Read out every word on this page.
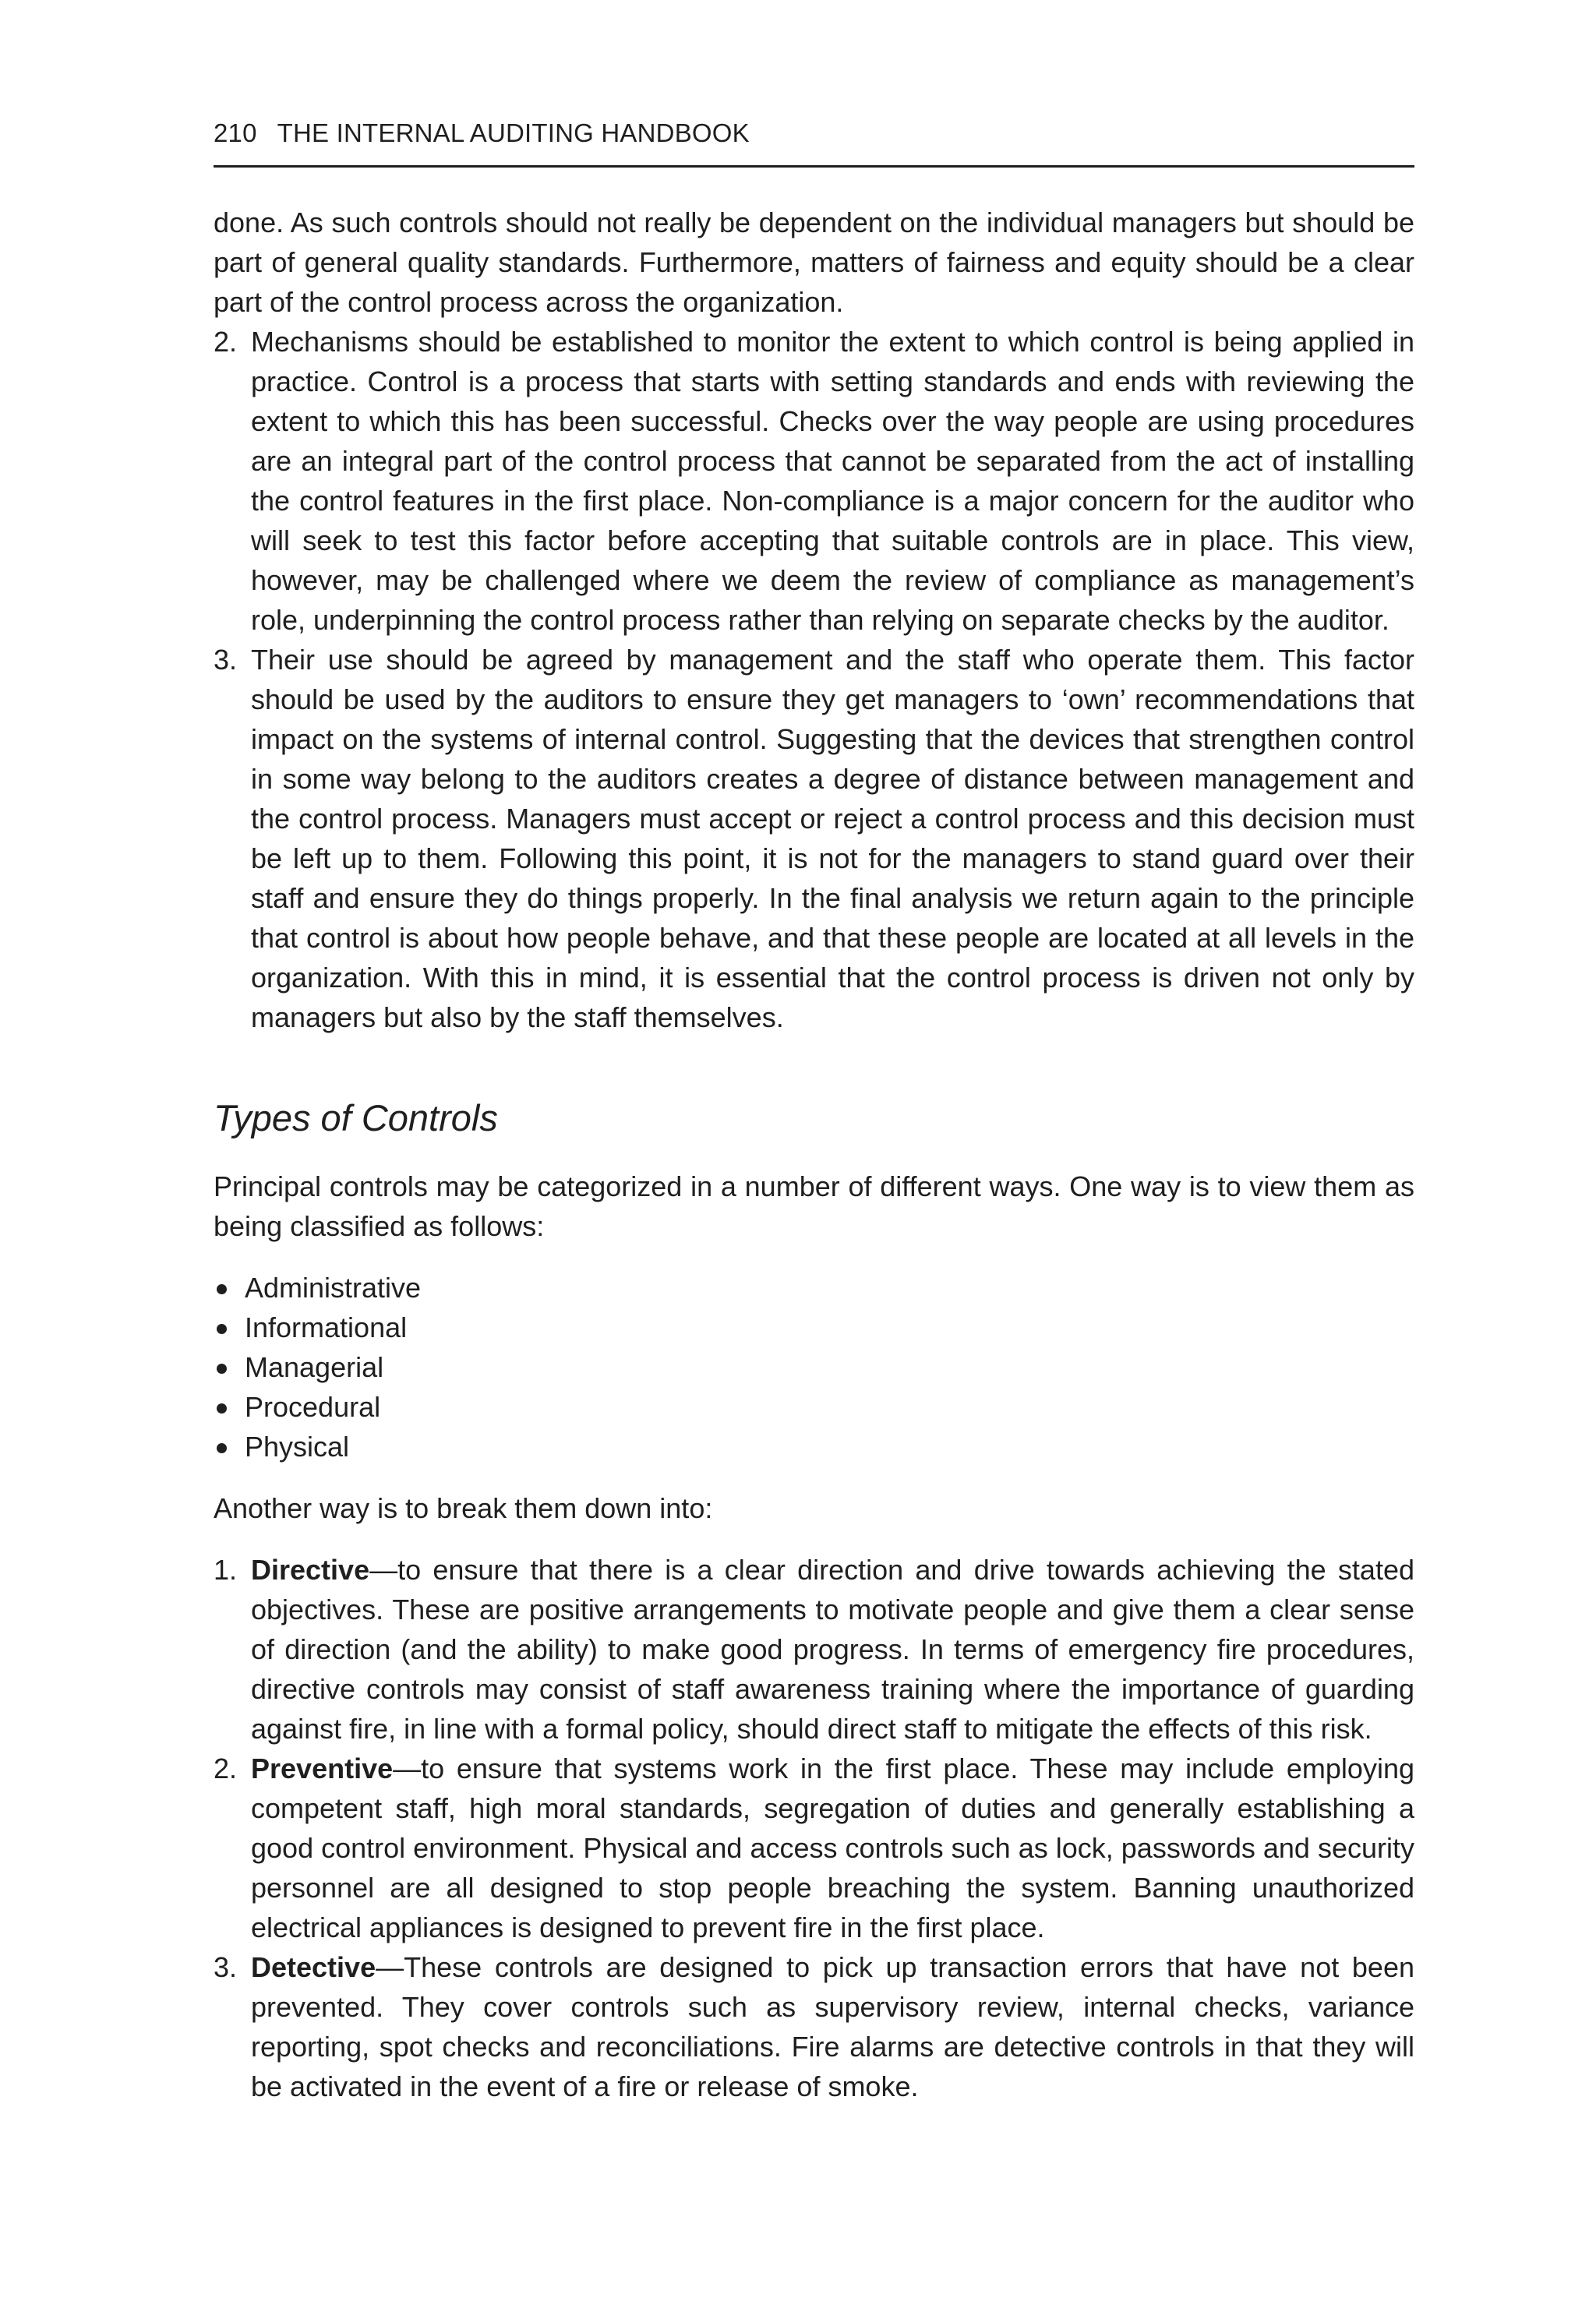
210 THE INTERNAL AUDITING HANDBOOK

done. As such controls should not really be dependent on the individual managers but should be part of general quality standards. Furthermore, matters of fairness and equity should be a clear part of the control process across the organization.

2. Mechanisms should be established to monitor the extent to which control is being applied in practice. Control is a process that starts with setting standards and ends with reviewing the extent to which this has been successful. Checks over the way people are using procedures are an integral part of the control process that cannot be separated from the act of installing the control features in the first place. Non-compliance is a major concern for the auditor who will seek to test this factor before accepting that suitable controls are in place. This view, however, may be challenged where we deem the review of compliance as management’s role, underpinning the control process rather than relying on separate checks by the auditor.
3. Their use should be agreed by management and the staff who operate them. This factor should be used by the auditors to ensure they get managers to ‘own’ recommendations that impact on the systems of internal control. Suggesting that the devices that strengthen control in some way belong to the auditors creates a degree of distance between management and the control process. Managers must accept or reject a control process and this decision must be left up to them. Following this point, it is not for the managers to stand guard over their staff and ensure they do things properly. In the final analysis we return again to the principle that control is about how people behave, and that these people are located at all levels in the organization. With this in mind, it is essential that the control process is driven not only by managers but also by the staff themselves.
Types of Controls

Principal controls may be categorized in a number of different ways. One way is to view them as being classified as follows:

Administrative
Informational
Managerial
Procedural
Physical

Another way is to break them down into:

1. Directive—to ensure that there is a clear direction and drive towards achieving the stated objectives. These are positive arrangements to motivate people and give them a clear sense of direction (and the ability) to make good progress. In terms of emergency fire procedures, directive controls may consist of staff awareness training where the importance of guarding against fire, in line with a formal policy, should direct staff to mitigate the effects of this risk.
2. Preventive—to ensure that systems work in the first place. These may include employing competent staff, high moral standards, segregation of duties and generally establishing a good control environment. Physical and access controls such as lock, passwords and security personnel are all designed to stop people breaching the system. Banning unauthorized electrical appliances is designed to prevent fire in the first place.
3. Detective—These controls are designed to pick up transaction errors that have not been prevented. They cover controls such as supervisory review, internal checks, variance reporting, spot checks and reconciliations. Fire alarms are detective controls in that they will be activated in the event of a fire or release of smoke.
